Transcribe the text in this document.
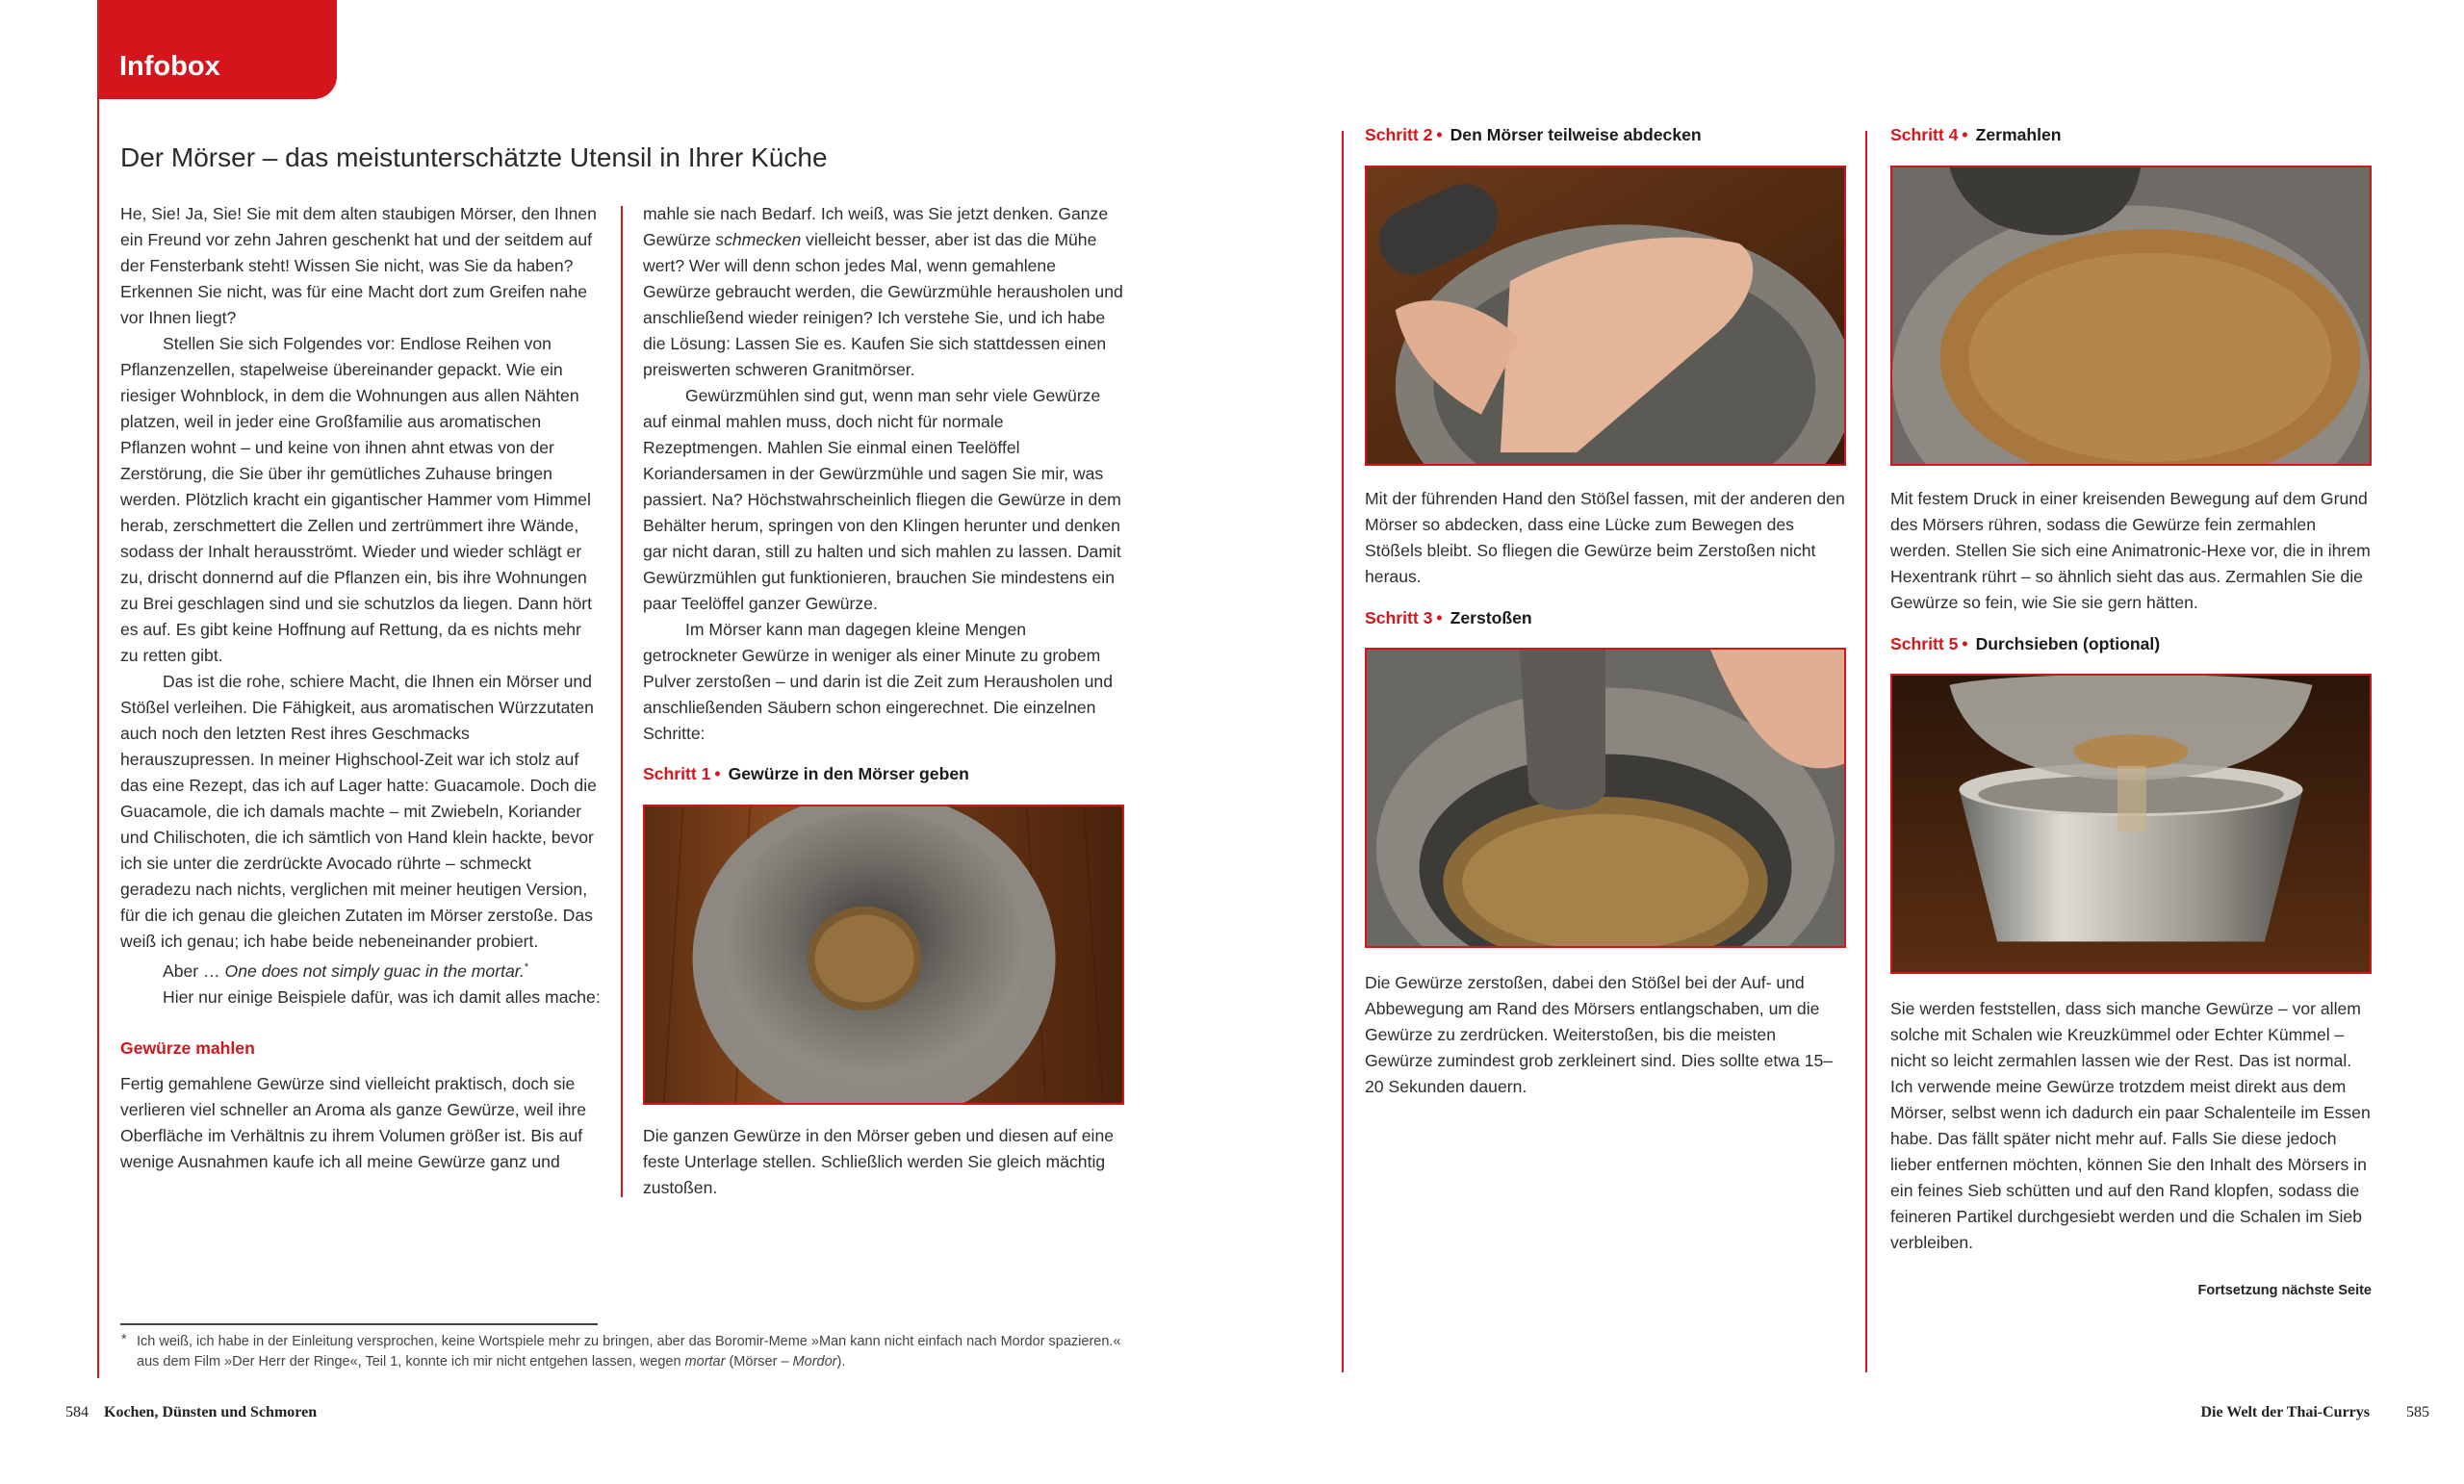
Infobox
Der Mörser – das meistunterschätzte Utensil in Ihrer Küche

He, Sie! Ja, Sie! Sie mit dem alten staubigen Mörser, den Ihnen ein Freund vor zehn Jahren geschenkt hat und der seitdem auf der Fensterbank steht! Wissen Sie nicht, was Sie da haben? Erkennen Sie nicht, was für eine Macht dort zum Greifen nahe vor Ihnen liegt?

Stellen Sie sich Folgendes vor: Endlose Reihen von Pflanzenzellen, stapelweise übereinander gepackt. Wie ein riesiger Wohnblock, in dem die Wohnungen aus allen Nähten platzen, weil in jeder eine Großfamilie aus aromatischen Pflanzen wohnt – und keine von ihnen ahnt etwas von der Zerstörung, die Sie über ihr gemütliches Zuhause bringen werden. Plötzlich kracht ein gigantischer Hammer vom Himmel herab, zerschmettert die Zellen und zertrümmert ihre Wände, sodass der Inhalt herausströmt. Wieder und wieder schlägt er zu, drischt donnernd auf die Pflanzen ein, bis ihre Wohnungen zu Brei geschlagen sind und sie schutzlos da liegen. Dann hört es auf. Es gibt keine Hoffnung auf Rettung, da es nichts mehr zu retten gibt.

Das ist die rohe, schiere Macht, die Ihnen ein Mörser und Stößel verleihen. Die Fähigkeit, aus aromatischen Würzzutaten auch noch den letzten Rest ihres Geschmacks herauszupressen. In meiner Highschool-Zeit war ich stolz auf das eine Rezept, das ich auf Lager hatte: Guacamole. Doch die Guacamole, die ich damals machte – mit Zwiebeln, Koriander und Chilischoten, die ich sämtlich von Hand klein hackte, bevor ich sie unter die zerdrückte Avocado rührte – schmeckt geradezu nach nichts, verglichen mit meiner heutigen Version, für die ich genau die gleichen Zutaten im Mörser zerstoße. Das weiß ich genau; ich habe beide nebeneinander probiert.

Aber … One does not simply guac in the mortar.*

Hier nur einige Beispiele dafür, was ich damit alles mache:

Gewürze mahlen

Fertig gemahlene Gewürze sind vielleicht praktisch, doch sie verlieren viel schneller an Aroma als ganze Gewürze, weil ihre Oberfläche im Verhältnis zu ihrem Volumen größer ist. Bis auf wenige Ausnahmen kaufe ich all meine Gewürze ganz und

mahle sie nach Bedarf. Ich weiß, was Sie jetzt denken. Ganze Gewürze schmecken vielleicht besser, aber ist das die Mühe wert? Wer will denn schon jedes Mal, wenn gemahlene Gewürze gebraucht werden, die Gewürzmühle herausholen und anschließend wieder reinigen? Ich verstehe Sie, und ich habe die Lösung: Lassen Sie es. Kaufen Sie sich stattdessen einen preiswerten schweren Granitmörser.

Gewürzmühlen sind gut, wenn man sehr viele Gewürze auf einmal mahlen muss, doch nicht für normale Rezeptmengen. Mahlen Sie einmal einen Teelöffel Koriandersamen in der Gewürzmühle und sagen Sie mir, was passiert. Na? Höchstwahrscheinlich fliegen die Gewürze in dem Behälter herum, springen von den Klingen herunter und denken gar nicht daran, still zu halten und sich mahlen zu lassen. Damit Gewürzmühlen gut funktionieren, brauchen Sie mindestens ein paar Teelöffel ganzer Gewürze.

Im Mörser kann man dagegen kleine Mengen getrockneter Gewürze in weniger als einer Minute zu grobem Pulver zerstoßen – und darin ist die Zeit zum Herausholen und anschließenden Säubern schon eingerechnet. Die einzelnen Schritte:

Schritt 1 • Gewürze in den Mörser geben
Die ganzen Gewürze in den Mörser geben und diesen auf eine feste Unterlage stellen. Schließlich werden Sie gleich mächtig zustoßen.
Schritt 2 • Den Mörser teilweise abdecken
Mit der führenden Hand den Stößel fassen, mit der anderen den Mörser so abdecken, dass eine Lücke zum Bewegen des Stößels bleibt. So fliegen die Gewürze beim Zerstoßen nicht heraus.
Schritt 3 • Zerstoßen
Die Gewürze zerstoßen, dabei den Stößel bei der Auf- und Abbewegung am Rand des Mörsers entlangschaben, um die Gewürze zu zerdrücken. Weiterstoßen, bis die meisten Gewürze zumindest grob zerkleinert sind. Dies sollte etwa 15–20 Sekunden dauern.
Schritt 4 • Zermahlen
Mit festem Druck in einer kreisenden Bewegung auf dem Grund des Mörsers rühren, sodass die Gewürze fein zermahlen werden. Stellen Sie sich eine Animatronic-Hexe vor, die in ihrem Hexentrank rührt – so ähnlich sieht das aus. Zermahlen Sie die Gewürze so fein, wie Sie sie gern hätten.
Schritt 5 • Durchsieben (optional)
Sie werden feststellen, dass sich manche Gewürze – vor allem solche mit Schalen wie Kreuzkümmel oder Echter Kümmel – nicht so leicht zermahlen lassen wie der Rest. Das ist normal. Ich verwende meine Gewürze trotzdem meist direkt aus dem Mörser, selbst wenn ich dadurch ein paar Schalenteile im Essen habe. Das fällt später nicht mehr auf. Falls Sie diese jedoch lieber entfernen möchten, können Sie den Inhalt des Mörsers in ein feines Sieb schütten und auf den Rand klopfen, sodass die feineren Partikel durchgesiebt werden und die Schalen im Sieb verbleiben.
Fortsetzung nächste Seite
* Ich weiß, ich habe in der Einleitung versprochen, keine Wortspiele mehr zu bringen, aber das Boromir-Meme »Man kann nicht einfach nach Mordor spazieren.« aus dem Film »Der Herr der Ringe«, Teil 1, konnte ich mir nicht entgehen lassen, wegen mortar (Mörser – Mordor).
584 Kochen, Dünsten und Schmoren	Die Welt der Thai-Currys 585
